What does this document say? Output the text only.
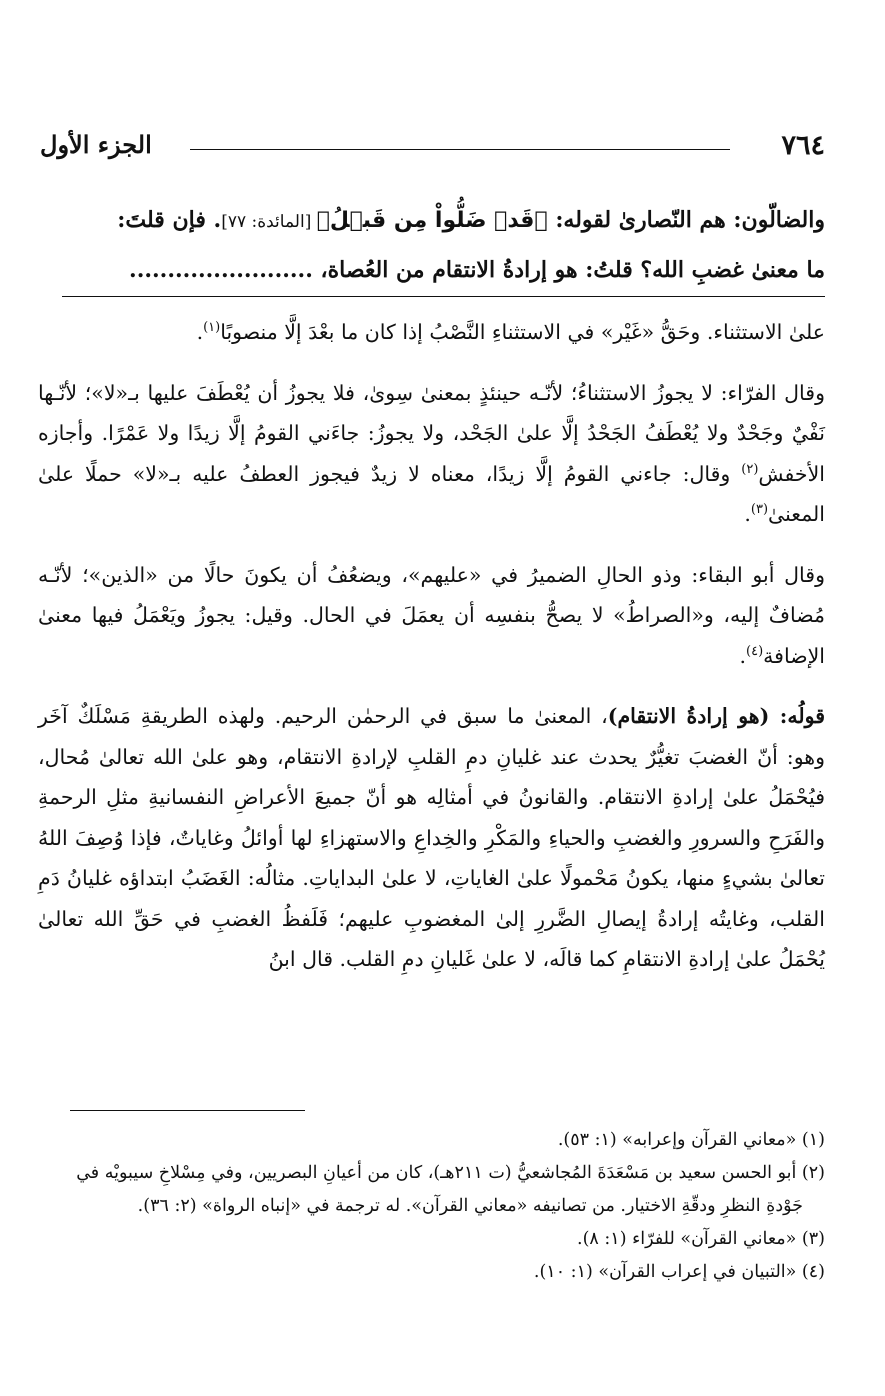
٧٦٤
الجزء الأول
والضالّون: هم النّصارىٰ لقوله: ﴿قَدۡ ضَلُّواْ مِن قَبۡلُ﴾ [المائدة: ٧٧]. فإن قلتَ:
ما معنىٰ غضبِ الله؟ قلتُ: هو إرادةُ الانتقام من العُصاة، ........................

علىٰ الاستثناء. وحَقُّ «غَيْر» في الاستثناءِ النَّصْبُ إذا كان ما بعْدَ إلَّا منصوبًا$^{(١)}$.

وقال الفرّاء: لا يجوزُ الاستثناءُ؛ لأنّـه حينئذٍ بمعنىٰ سِوىٰ، فلا يجوزُ أن يُعْطَفَ عليها بـ«لا»؛ لأنّـها نَفْيٌ وجَحْدٌ ولا يُعْطَفُ الجَحْدُ إلَّا علىٰ الجَحْد، ولا يجوزُ: جاءَني القومُ إلَّا زيدًا ولا عَمْرًا. وأجازه الأخفش$^{(٢)}$ وقال: جاءني القومُ إلَّا زيدًا، معناه لا زيدٌ فيجوز العطفُ عليه بـ«لا» حملًا علىٰ المعنىٰ$^{(٣)}$.

وقال أبو البقاء: وذو الحالِ الضميرُ في «عليهم»، ويضعُفُ أن يكونَ حالًا من «الذين»؛ لأنّـه مُضافٌ إليه، و«الصراطُ» لا يصحُّ بنفسِه أن يعمَلَ في الحال. وقيل: يجوزُ ويَعْمَلُ فيها معنىٰ الإضافة$^{(٤)}$.

قولُه: (هو إرادةُ الانتقام)، المعنىٰ ما سبق في الرحمٰن الرحيم. ولهذه الطريقةِ مَسْلَكٌ آخَر وهو: أنّ الغضبَ تغيُّرٌ يحدث عند غليانِ دمِ القلبِ لإرادةِ الانتقام، وهو علىٰ الله تعالىٰ مُحال، فيُحْمَلُ علىٰ إرادةِ الانتقام. والقانونُ في أمثالِه هو أنّ جميعَ الأعراضِ النفسانيةِ مثلِ الرحمةِ والفَرَحِ والسرورِ والغضبِ والحياءِ والمَكْرِ والخِداعِ والاستهزاءِ لها أوائلُ وغاياتٌ، فإذا وُصِفَ اللهُ تعالىٰ بشيءٍ منها، يكونُ مَحْمولًا علىٰ الغاياتِ، لا علىٰ البداياتِ. مثالُه: الغَضَبُ ابتداؤه غليانُ دَمِ القلب، وغايتُه إرادةُ إيصالِ الضَّررِ إلىٰ المغضوبِ عليهم؛ فَلَفظُ الغضبِ في حَقِّ الله تعالىٰ يُحْمَلُ علىٰ إرادةِ الانتقامِ كما قالَه، لا علىٰ غَليانِ دمِ القلب. قال ابنُ

(١) «معاني القرآن وإعرابه» (١: ٥٣).

(٢) أبو الحسن سعيد بن مَسْعَدَةَ المُجاشعيُّ (ت ٢١١هـ)، كان من أعيانِ البصريين، وفي مِسْلاخِ سيبويْه في

جَوْدةِ النظرِ ودقّةِ الاختيار. من تصانيفه «معاني القرآن». له ترجمة في «إنباه الرواة» (٢: ٣٦).

(٣) «معاني القرآن» للفرّاء (١: ٨).

(٤) «التبيان في إعراب القرآن» (١: ١٠).
